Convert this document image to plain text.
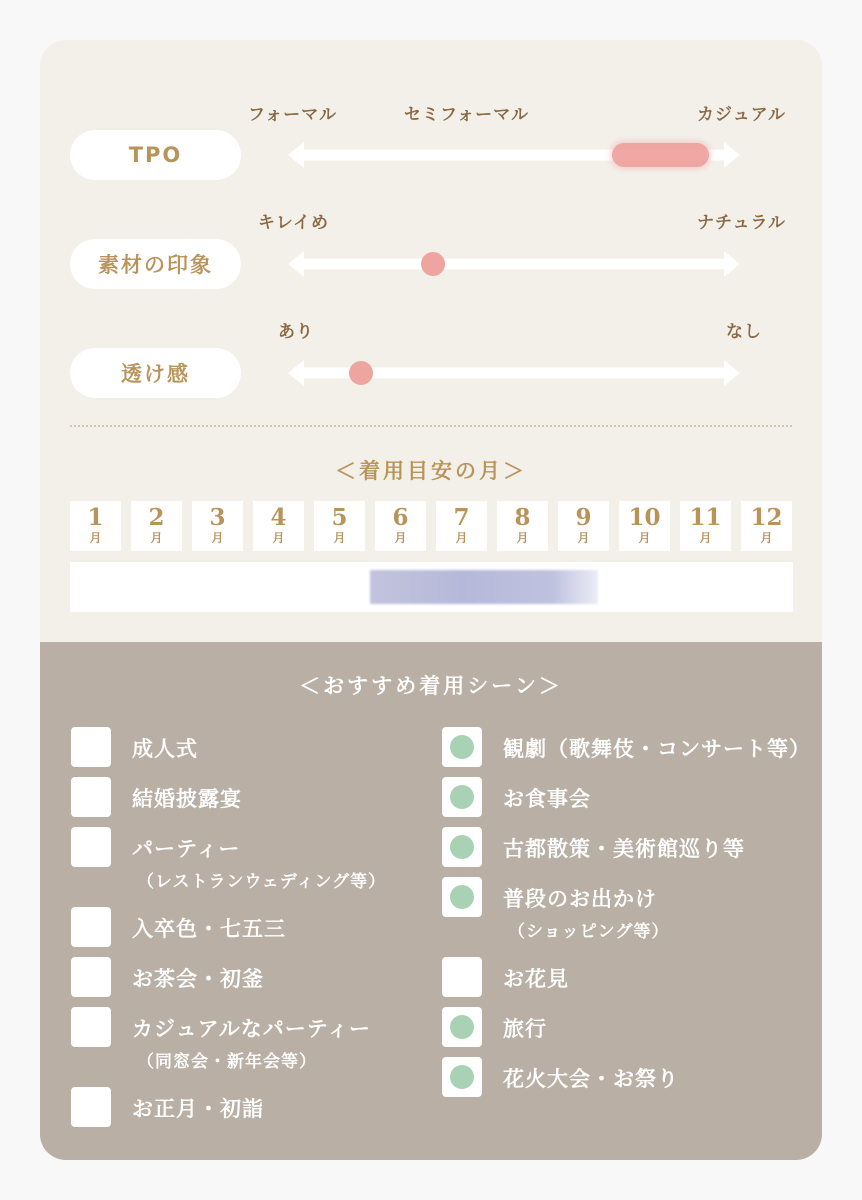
フォーマル	セミフォーマル	カジュアル
TPO
キレイめ	ナチュラル
素材の印象
あり	なし
透け感
＜着用目安の月＞
1
月
2
月
3
月
4
月
5
月
6
月
7
月
8
月
9
月
10
月
11
月
12
月
＜おすすめ着用シーン＞
成人式
結婚披露宴
パーティー
（レストランウェディング等）
入卒色・七五三
お茶会・初釜
カジュアルなパーティー
（同窓会・新年会等）
お正月・初詣
観劇（歌舞伎・コンサート等）
お食事会
古都散策・美術館巡り等
普段のお出かけ
（ショッピング等）
お花見
旅行
花火大会・お祭り
